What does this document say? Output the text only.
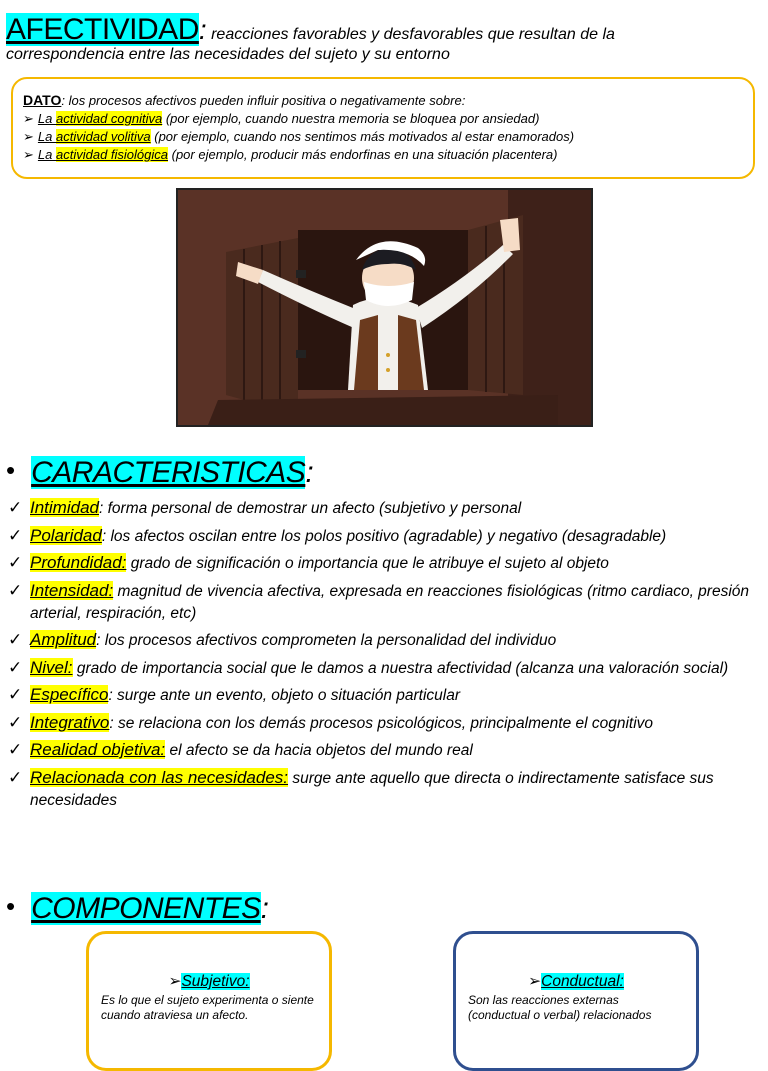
AFECTIVIDAD: reacciones favorables y desfavorables que resultan de la
correspondencia entre las necesidades del sujeto y su entorno
DATO: los procesos afectivos pueden influir positiva o negativamente sobre:
➢ La actividad cognitiva (por ejemplo, cuando nuestra memoria se bloquea por ansiedad)
➢ La actividad volitiva (por ejemplo, cuando nos sentimos más motivados al estar enamorados)
➢ La actividad fisiológica (por ejemplo, producir más endorfinas en una situación placentera)
• CARACTERISTICAS:
✓ Intimidad: forma personal de demostrar un afecto (subjetivo y personal
✓ Polaridad: los afectos oscilan entre los polos positivo (agradable) y negativo (desagradable)
✓ Profundidad: grado de significación o importancia que le atribuye el sujeto al objeto
✓ Intensidad: magnitud de vivencia afectiva, expresada en reacciones fisiológicas (ritmo cardiaco, presión arterial, respiración, etc)
✓ Amplitud: los procesos afectivos comprometen la personalidad del individuo
✓ Nivel: grado de importancia social que le damos a nuestra afectividad (alcanza una valoración social)
✓ Específico: surge ante un evento, objeto o situación particular
✓ Integrativo: se relaciona con los demás procesos psicológicos, principalmente el cognitivo
✓ Realidad objetiva: el afecto se da hacia objetos del mundo real
✓ Relacionada con las necesidades: surge ante aquello que directa o indirectamente satisface sus necesidades
• COMPONENTES:
➢Subjetivo:
Es lo que el sujeto experimenta o siente cuando atraviesa un afecto.
➢Conductual:
Son las reacciones externas (conductual o verbal) relacionados
